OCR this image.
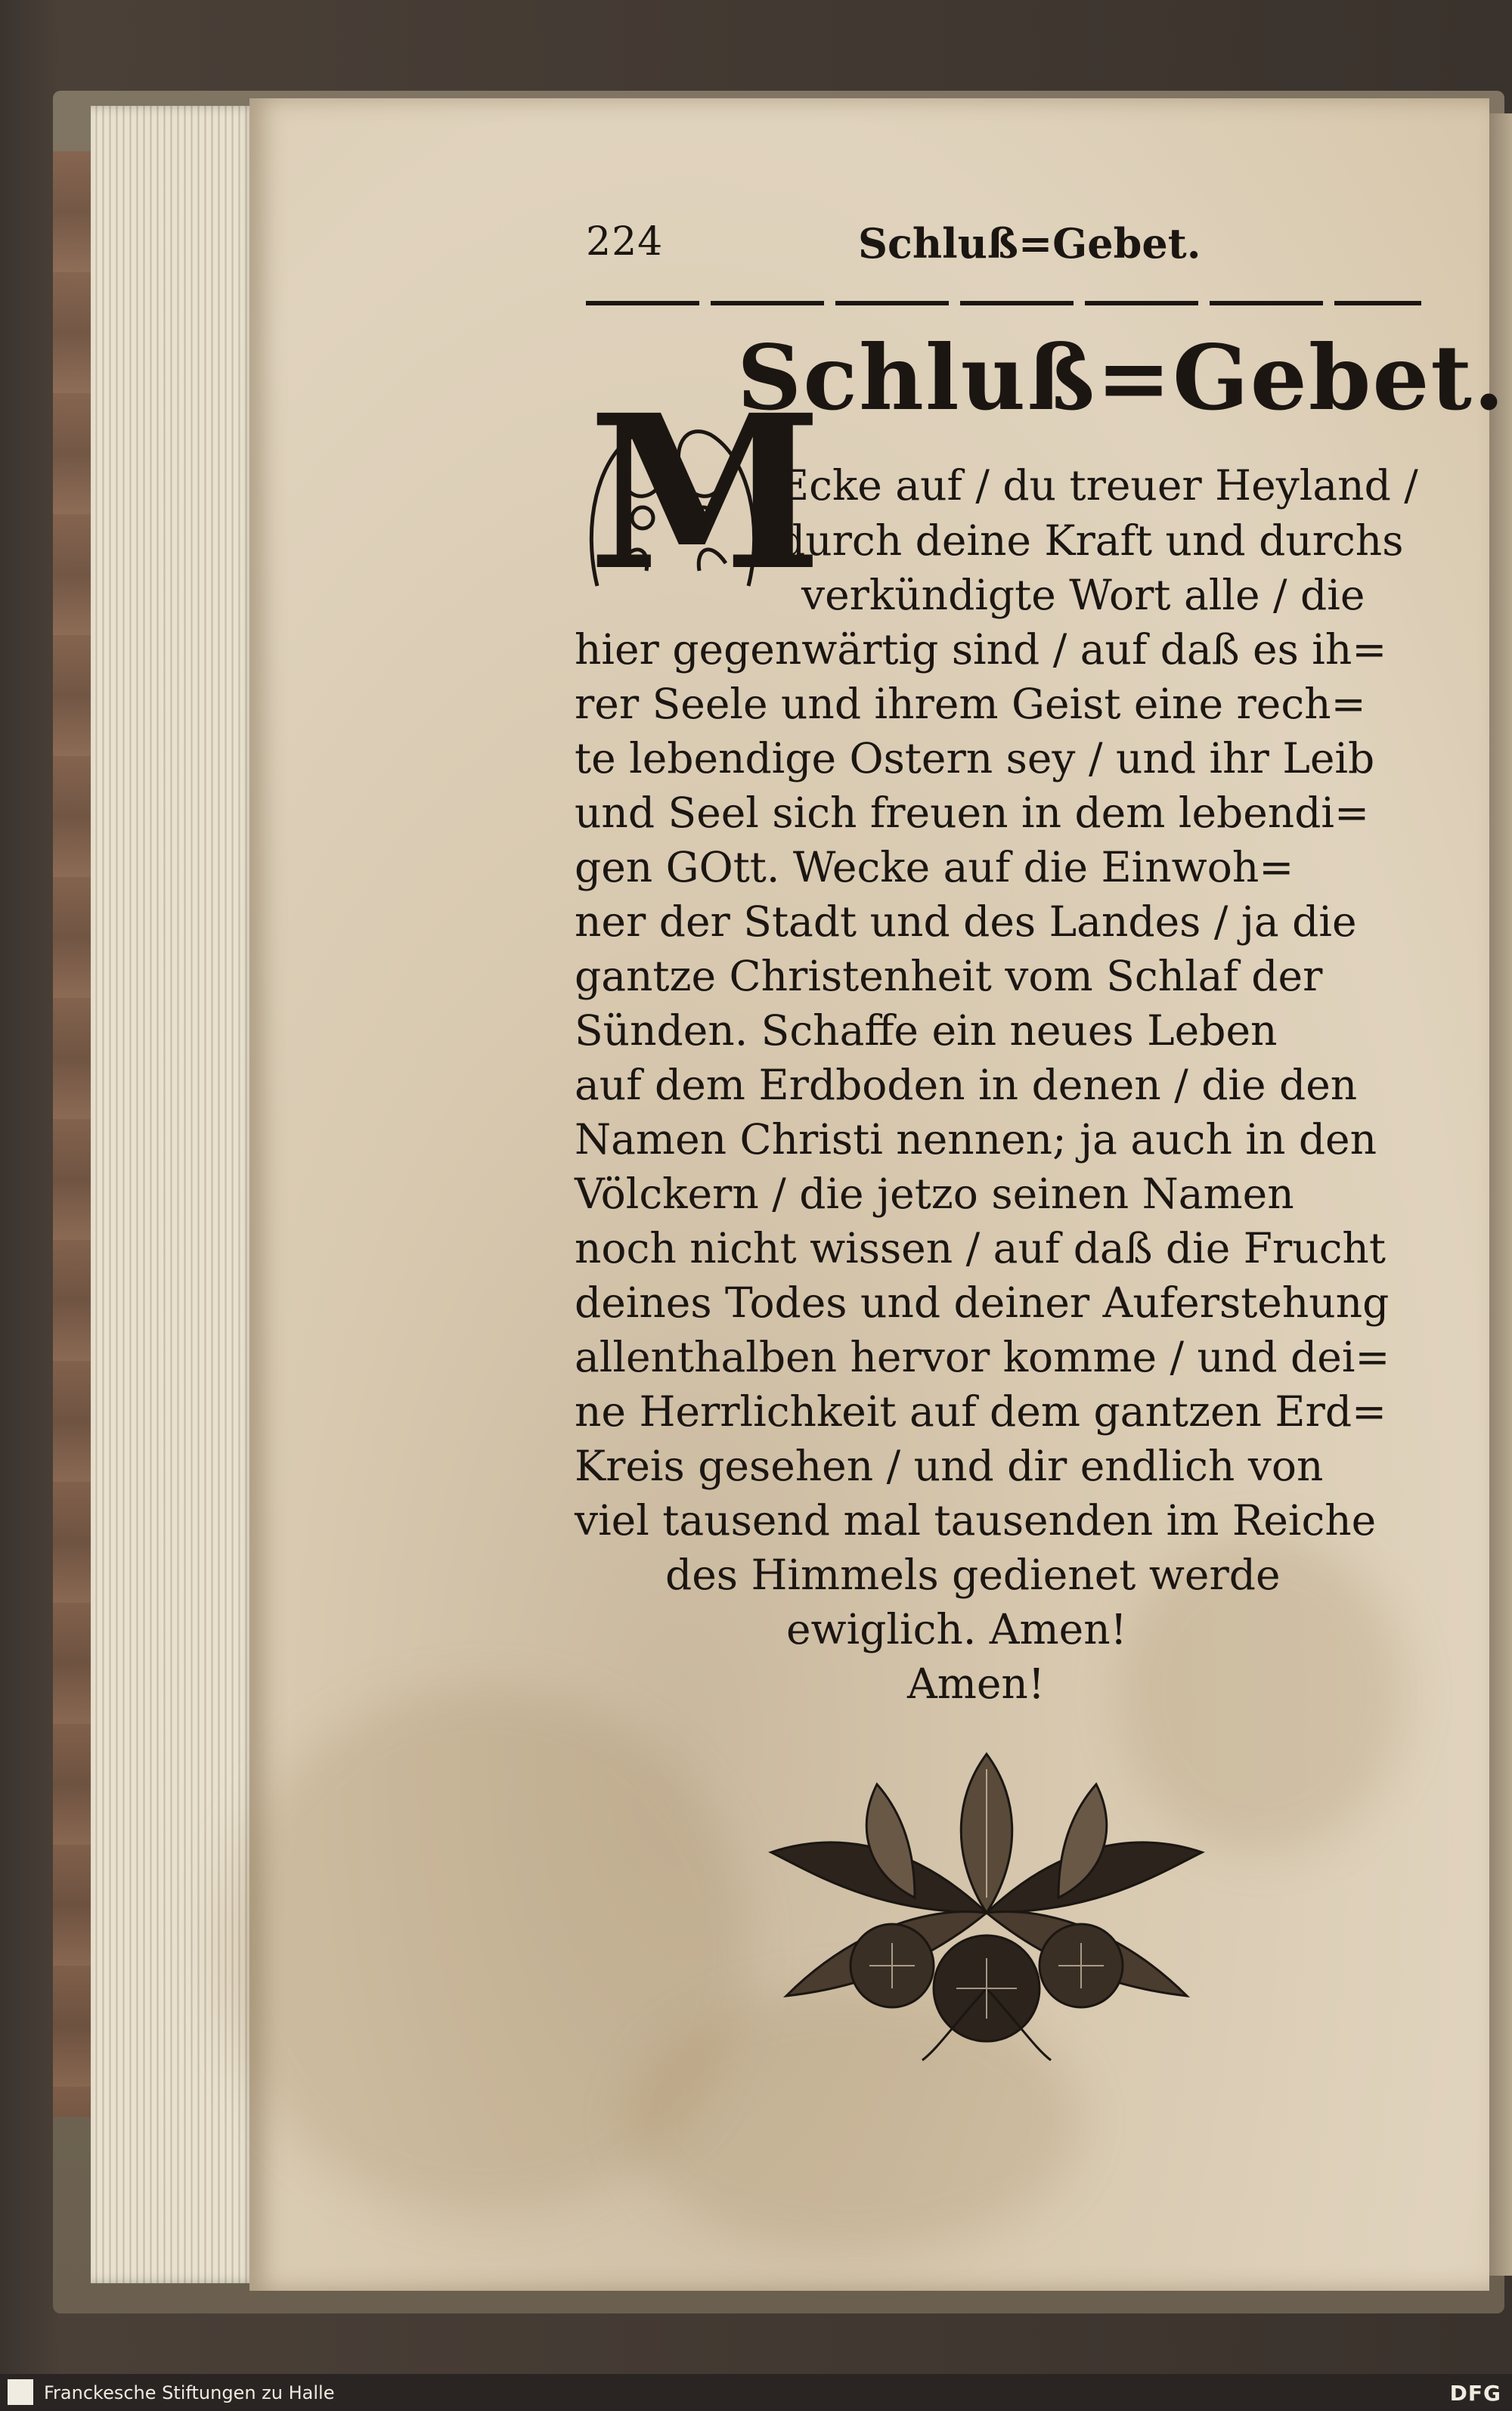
224	Schluß=Gebet.
Schluß=Gebet.
M
Ecke auf / du treuer Heyland /
durch deine Kraft und durchs
verkündigte Wort alle / die
hier gegenwärtig sind / auf daß es ih=
rer Seele und ihrem Geist eine rech=
te lebendige Ostern sey / und ihr Leib
und Seel sich freuen in dem lebendi=
gen GOtt. Wecke auf die Einwoh=
ner der Stadt und des Landes / ja die
gantze Christenheit vom Schlaf der
Sünden. Schaffe ein neues Leben
auf dem Erdboden in denen / die den
Namen Christi nennen; ja auch in den
Völckern / die jetzo seinen Namen
noch nicht wissen / auf daß die Frucht
deines Todes und deiner Auferstehung
allenthalben hervor komme / und dei=
ne Herrlichkeit auf dem gantzen Erd=
Kreis gesehen / und dir endlich von
viel tausend mal tausenden im Reiche
des Himmels gedienet werde
ewiglich. Amen!
Amen!
Franckesche Stiftungen zu Halle	DFG
